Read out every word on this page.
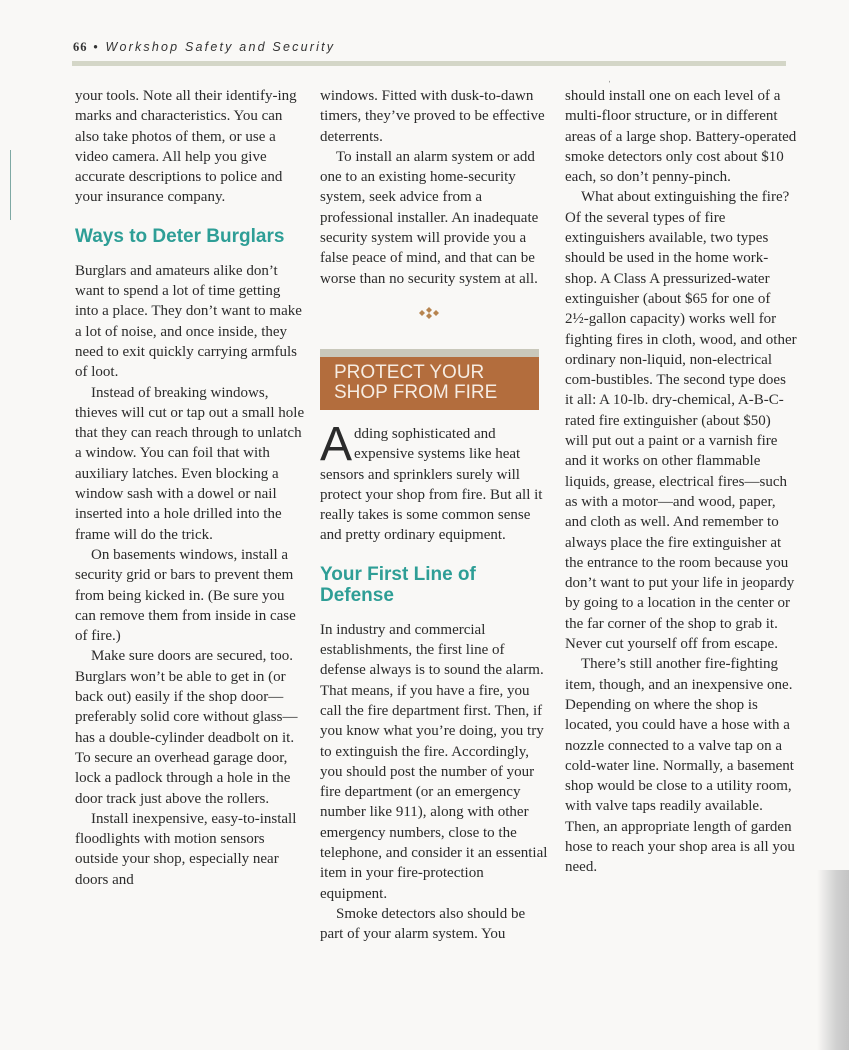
66 • Workshop Safety and Security
ˌ

your tools. Note all their identify-ing marks and characteristics. You can also take photos of them, or use a video camera. All help you give accurate descriptions to police and your insurance company.

Ways to Deter Burglars

Burglars and amateurs alike don’t want to spend a lot of time getting into a place. They don’t want to make a lot of noise, and once inside, they need to exit quickly carrying armfuls of loot.

Instead of breaking windows, thieves will cut or tap out a small hole that they can reach through to unlatch a window. You can foil that with auxiliary latches. Even blocking a window sash with a dowel or nail inserted into a hole drilled into the frame will do the trick.

On basements windows, install a security grid or bars to prevent them from being kicked in. (Be sure you can remove them from inside in case of fire.)

Make sure doors are secured, too. Burglars won’t be able to get in (or back out) easily if the shop door—preferably solid core without glass—has a double-cylinder deadbolt on it. To secure an overhead garage door, lock a padlock through a hole in the door track just above the rollers.

Install inexpensive, easy-to-install floodlights with motion sensors outside your shop, especially near doors and

windows. Fitted with dusk-to-dawn timers, they’ve proved to be effective deterrents.

To install an alarm system or add one to an existing home-security system, seek advice from a professional installer. An inadequate security system will provide you a false peace of mind, and that can be worse than no security system at all.

PROTECT YOUR
SHOP FROM FIRE
A dding sophisticated and expensive systems like heat sensors and sprinklers surely will protect your shop from fire. But all it really takes is some common sense and pretty ordinary equipment.
Your First Line of Defense

In industry and commercial establishments, the first line of defense always is to sound the alarm. That means, if you have a fire, you call the fire department first. Then, if you know what you’re doing, you try to extinguish the fire. Accordingly, you should post the number of your fire department (or an emergency number like 911), along with other emergency numbers, close to the telephone, and consider it an essential item in your fire-protection equipment.

Smoke detectors also should be part of your alarm system. You

should install one on each level of a multi-floor structure, or in different areas of a large shop. Battery-operated smoke detectors only cost about $10 each, so don’t penny-pinch.

What about extinguishing the fire? Of the several types of fire extinguishers available, two types should be used in the home work-shop. A Class A pressurized-water extinguisher (about $65 for one of 2½-gallon capacity) works well for fighting fires in cloth, wood, and other ordinary non-liquid, non-electrical com-bustibles. The second type does it all: A 10-lb. dry-chemical, A-B-C-rated fire extinguisher (about $50) will put out a paint or a varnish fire and it works on other flammable liquids, grease, electrical fires—such as with a motor—and wood, paper, and cloth as well. And remember to always place the fire extinguisher at the entrance to the room because you don’t want to put your life in jeopardy by going to a location in the center or the far corner of the shop to grab it. Never cut yourself off from escape.

There’s still another fire-fighting item, though, and an inexpensive one. Depending on where the shop is located, you could have a hose with a nozzle connected to a valve tap on a cold-water line. Normally, a basement shop would be close to a utility room, with valve taps readily available. Then, an appropriate length of garden hose to reach your shop area is all you need.
